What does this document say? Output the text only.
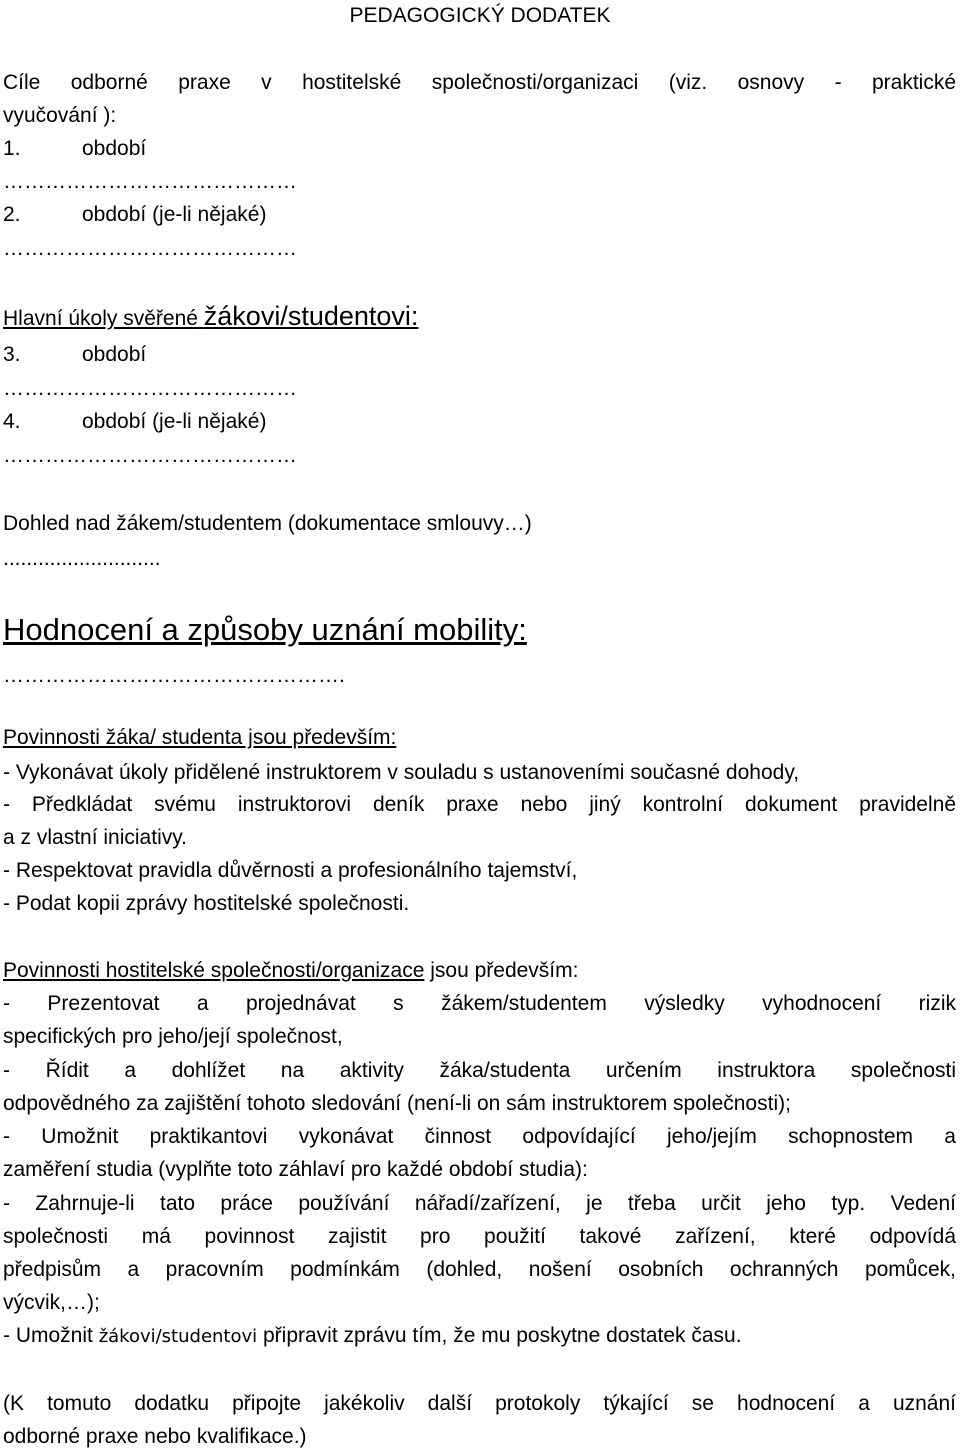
PEDAGOGICKÝ DODATEK

Cíle odborné praxe v hostitelské společnosti/organizaci (viz. osnovy - praktické

vyučování ):

1.	období

……………………………………

2.	období (je-li nějaké)

……………………………………

Hlavní úkoly svěřené žákovi/studentovi:

3.	období

……………………………………

4.	období (je-li nějaké)

……………………………………

Dohled nad žákem/studentem (dokumentace smlouvy…)

...........................

Hodnocení a způsoby uznání mobility:

………………………………………….

Povinnosti žáka/ studenta jsou především:

- Vykonávat úkoly přidělené instruktorem v souladu s ustanoveními současné dohody,

- Předkládat svému instruktorovi deník praxe nebo jiný kontrolní dokument pravidelně

a z vlastní iniciativy.

- Respektovat pravidla důvěrnosti a profesionálního tajemství,

- Podat kopii zprávy hostitelské společnosti.

Povinnosti hostitelské společnosti/organizace jsou především:

- Prezentovat a projednávat s žákem/studentem výsledky vyhodnocení rizik

specifických pro jeho/její společnost,

- Řídit a dohlížet na aktivity žáka/studenta určením instruktora společnosti

odpovědného za zajištění tohoto sledování (není-li on sám instruktorem společnosti);

- Umožnit praktikantovi vykonávat činnost odpovídající jeho/jejím schopnostem a

zaměření studia (vyplňte toto záhlaví pro každé období studia):

- Zahrnuje-li tato práce používání nářadí/zařízení, je třeba určit jeho typ. Vedení

společnosti má povinnost zajistit pro použití takové zařízení, které odpovídá

předpisům a pracovním podmínkám (dohled, nošení osobních ochranných pomůcek,

výcvik,…);

- Umožnit žákovi/studentovi připravit zprávu tím, že mu poskytne dostatek času.

(K tomuto dodatku připojte jakékoliv další protokoly týkající se hodnocení a uznání

odborné praxe nebo kvalifikace.)
